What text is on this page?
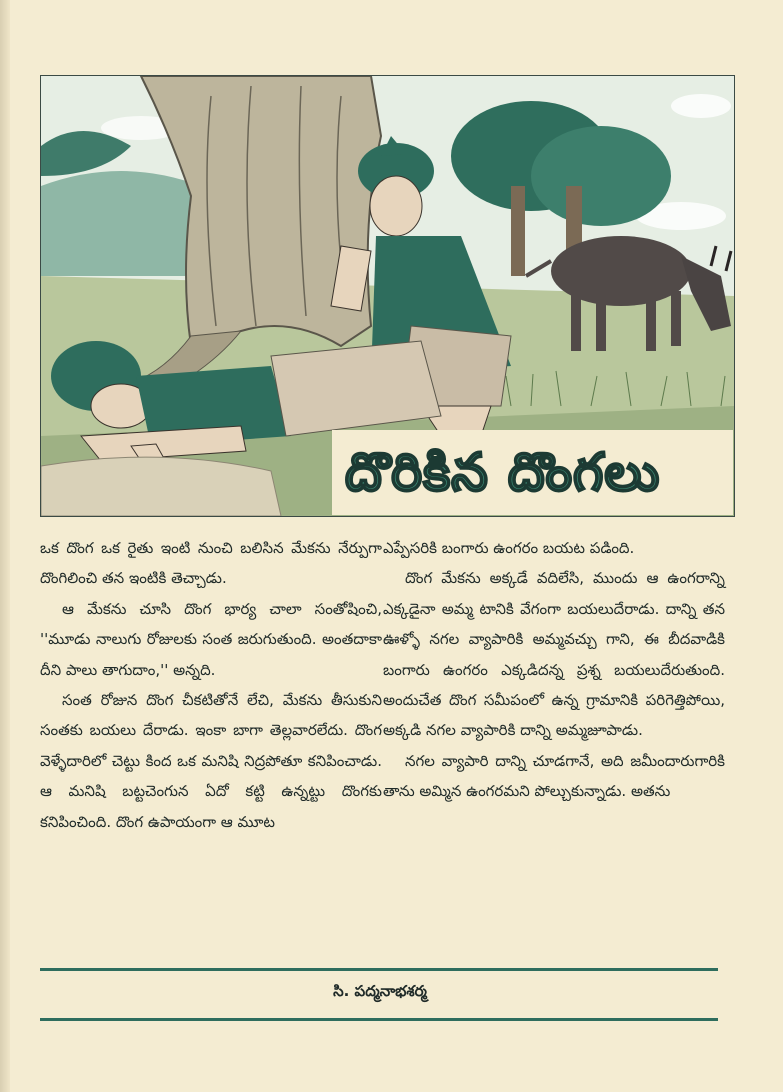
దొరికిన దొంగలు

ఒక దొంగ ఒక రైతు ఇంటి నుంచి బలిసిన మేకను నేర్పుగా దొంగిలించి తన ఇంటికి తెచ్చాడు.

ఆ మేకను చూసి దొంగ భార్య చాలా సంతోషించి, ''మూడు నాలుగు రోజులకు సంత జరుగుతుంది. అంతదాకా దీని పాలు తాగుదాం,'' అన్నది.

సంత రోజున దొంగ చీకటితోనే లేచి, మేకను తీసుకుని సంతకు బయలు దేరాడు. ఇంకా బాగా తెల్లవారలేదు. దొంగ వెళ్ళేదారిలో చెట్టు కింద ఒక మనిషి నిద్రపోతూ కనిపించాడు. ఆ మనిషి బట్టచెంగున ఏదో కట్టి ఉన్నట్టు దొంగకు కనిపించింది. దొంగ ఉపాయంగా ఆ మూట

ఎప్పేసరికి బంగారు ఉంగరం బయట పడింది.

దొంగ మేకను అక్కడే వదిలేసి, ముందు ఆ ఉంగరాన్ని ఎక్కడైనా అమ్మ టానికి వేగంగా బయలుదేరాడు. దాన్ని తన ఊళ్ళో నగల వ్యాపారికి అమ్మవచ్చు గాని, ఈ బీదవాడికి బంగారు ఉంగరం ఎక్కడిదన్న ప్రశ్న బయలుదేరుతుంది. అందుచేత దొంగ సమీపంలో ఉన్న గ్రామానికి పరిగెత్తిపోయి, అక్కడి నగల వ్యాపారికి దాన్ని అమ్మజూపాడు.

నగల వ్యాపారి దాన్ని చూడగానే, అది జమీందారుగారికి తాను అమ్మిన ఉంగరమని పోల్చుకున్నాడు. అతను

సి. పద్మనాభశర్మ
